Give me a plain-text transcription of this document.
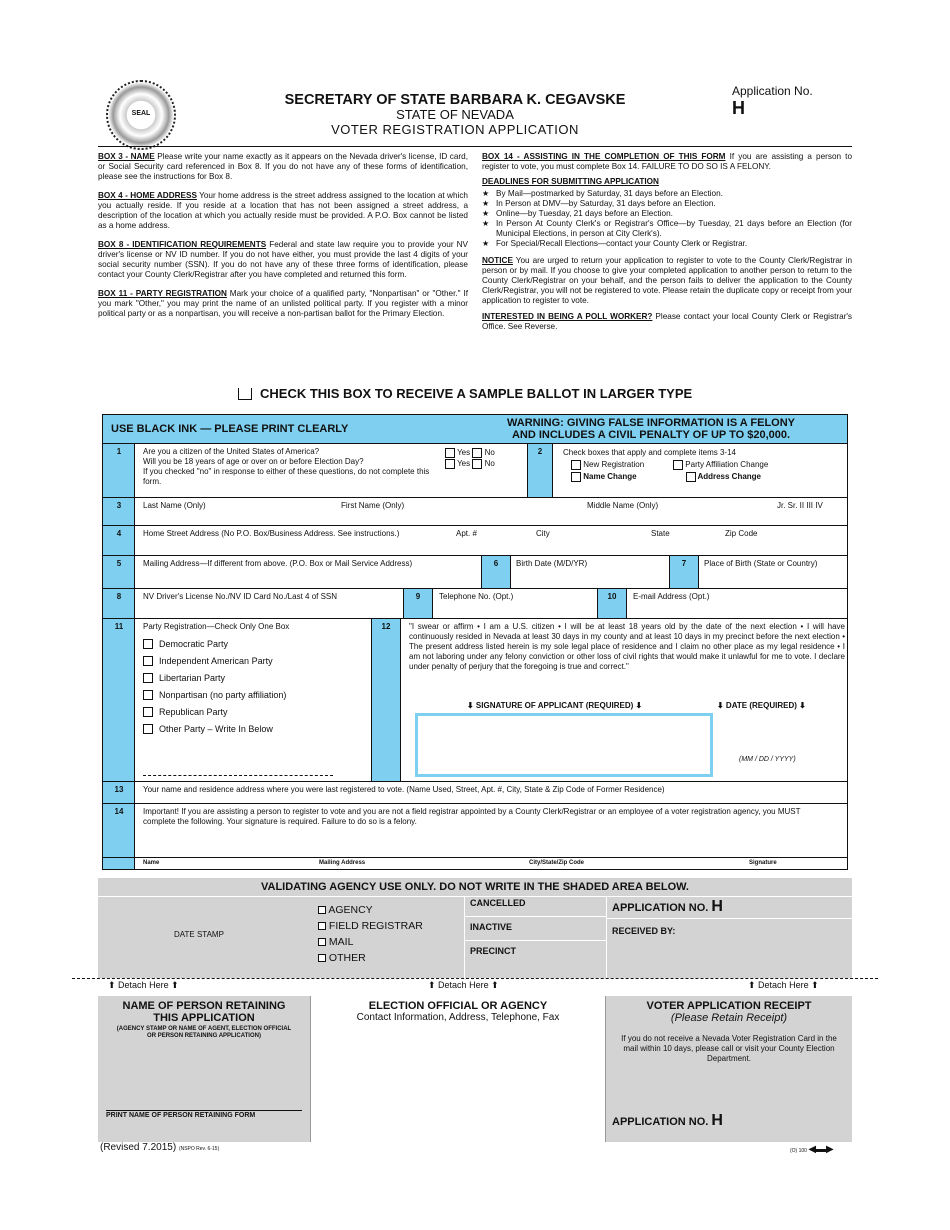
SEAL
SECRETARY OF STATE BARBARA K. CEGAVSKE
STATE OF NEVADA
VOTER REGISTRATION APPLICATION
Application No.
H

BOX 3 - NAME Please write your name exactly as it appears on the Nevada driver's license, ID card, or Social Security card referenced in Box 8. If you do not have any of these forms of identification, please see the instructions for Box 8.

BOX 4 - HOME ADDRESS Your home address is the street address assigned to the location at which you actually reside. If you reside at a location that has not been assigned a street address, a description of the location at which you actually reside must be provided. A P.O. Box cannot be listed as a home address.

BOX 8 - IDENTIFICATION REQUIREMENTS Federal and state law require you to provide your NV driver's license or NV ID number. If you do not have either, you must provide the last 4 digits of your social security number (SSN). If you do not have any of these three forms of identification, please contact your County Clerk/Registrar after you have completed and returned this form.

BOX 11 - PARTY REGISTRATION Mark your choice of a qualified party, "Nonpartisan" or "Other." If you mark "Other," you may print the name of an unlisted political party. If you register with a minor political party or as a nonpartisan, you will receive a non-partisan ballot for the Primary Election.

BOX 14 - ASSISTING IN THE COMPLETION OF THIS FORM If you are assisting a person to register to vote, you must complete Box 14. FAILURE TO DO SO IS A FELONY.

DEADLINES FOR SUBMITTING APPLICATION

★ By Mail—postmarked by Saturday, 31 days before an Election.
★ In Person at DMV—by Saturday, 31 days before an Election.
★ Online—by Tuesday, 21 days before an Election.
★ In Person At County Clerk's or Registrar's Office—by Tuesday, 21 days before an Election (for Municipal Elections, in person at City Clerk's).
★ For Special/Recall Elections—contact your County Clerk or Registrar.

NOTICE You are urged to return your application to register to vote to the County Clerk/Registrar in person or by mail. If you choose to give your completed application to another person to return to the County Clerk/Registrar on your behalf, and the person fails to deliver the application to the County Clerk/Registrar, you will not be registered to vote. Please retain the duplicate copy or receipt from your application to register to vote.

INTERESTED IN BEING A POLL WORKER? Please contact your local County Clerk or Registrar's Office. See Reverse.

CHECK THIS BOX TO RECEIVE A SAMPLE BALLOT IN LARGER TYPE
USE BLACK INK — PLEASE PRINT CLEARLY	WARNING: GIVING FALSE INFORMATION IS A FELONY
AND INCLUDES A CIVIL PENALTY OF UP TO $20,000.
1	Are you a citizen of the United States of America?
Will you be 18 years of age or over on or before Election Day?
If you checked "no" in response to either of these questions, do not complete this form.
Yes No
Yes No
2	Check boxes that apply and complete items 3-14
New Registration	Party Affiliation Change
Name Change	Address Change
3	Last Name (Only)	First Name (Only)	Middle Name (Only)	Jr. Sr. II III IV
4	Home Street Address (No P.O. Box/Business Address. See instructions.)	Apt. #	City	State	Zip Code
5	Mailing Address—If different from above. (P.O. Box or Mail Service Address)	6	Birth Date (M/D/YR)	7	Place of Birth (State or Country)
8	NV Driver's License No./NV ID Card No./Last 4 of SSN	9	Telephone No. (Opt.)	10	E-mail Address (Opt.)
11	Party Registration—Check Only One Box
Democratic Party
Independent American Party
Libertarian Party
Nonpartisan (no party affiliation)
Republican Party
Other Party – Write In Below
12	"I swear or affirm • I am a U.S. citizen • I will be at least 18 years old by the date of the next election • I will have continuously resided in Nevada at least 30 days in my county and at least 10 days in my precinct before the next election • The present address listed herein is my sole legal place of residence and I claim no other place as my legal residence • I am not laboring under any felony conviction or other loss of civil rights that would make it unlawful for me to vote. I declare under penalty of perjury that the foregoing is true and correct."
⬇ SIGNATURE OF APPLICANT (REQUIRED) ⬇	⬇ DATE (REQUIRED) ⬇
(MM / DD / YYYY)
13	Your name and residence address where you were last registered to vote. (Name Used, Street, Apt. #, City, State & Zip Code of Former Residence)
14	Important! If you are assisting a person to register to vote and you are not a field registrar appointed by a County Clerk/Registrar or an employee of a voter registration agency, you MUST complete the following. Your signature is required. Failure to do so is a felony.
Name	Mailing Address	City/State/Zip Code	Signature
VALIDATING AGENCY USE ONLY. DO NOT WRITE IN THE SHADED AREA BELOW.
DATE STAMP
AGENCY
FIELD REGISTRAR
MAIL
OTHER
CANCELLED
INACTIVE
PRECINCT
APPLICATION NO. H
RECEIVED BY:
⬆ Detach Here ⬆	⬆ Detach Here ⬆	⬆ Detach Here ⬆
NAME OF PERSON RETAINING THIS APPLICATION
(AGENCY STAMP OR NAME OF AGENT, ELECTION OFFICIAL OR PERSON RETAINING APPLICATION)
PRINT NAME OF PERSON RETAINING FORM
ELECTION OFFICIAL OR AGENCY
Contact Information, Address, Telephone, Fax
VOTER APPLICATION RECEIPT
(Please Retain Receipt)
If you do not receive a Nevada Voter Registration Card in the mail within 10 days, please call or visit your County Election Department.
APPLICATION NO. H
(Revised 7.2015) (NSPO Rev. 6-15)	(O) 100 ◀▬▶
